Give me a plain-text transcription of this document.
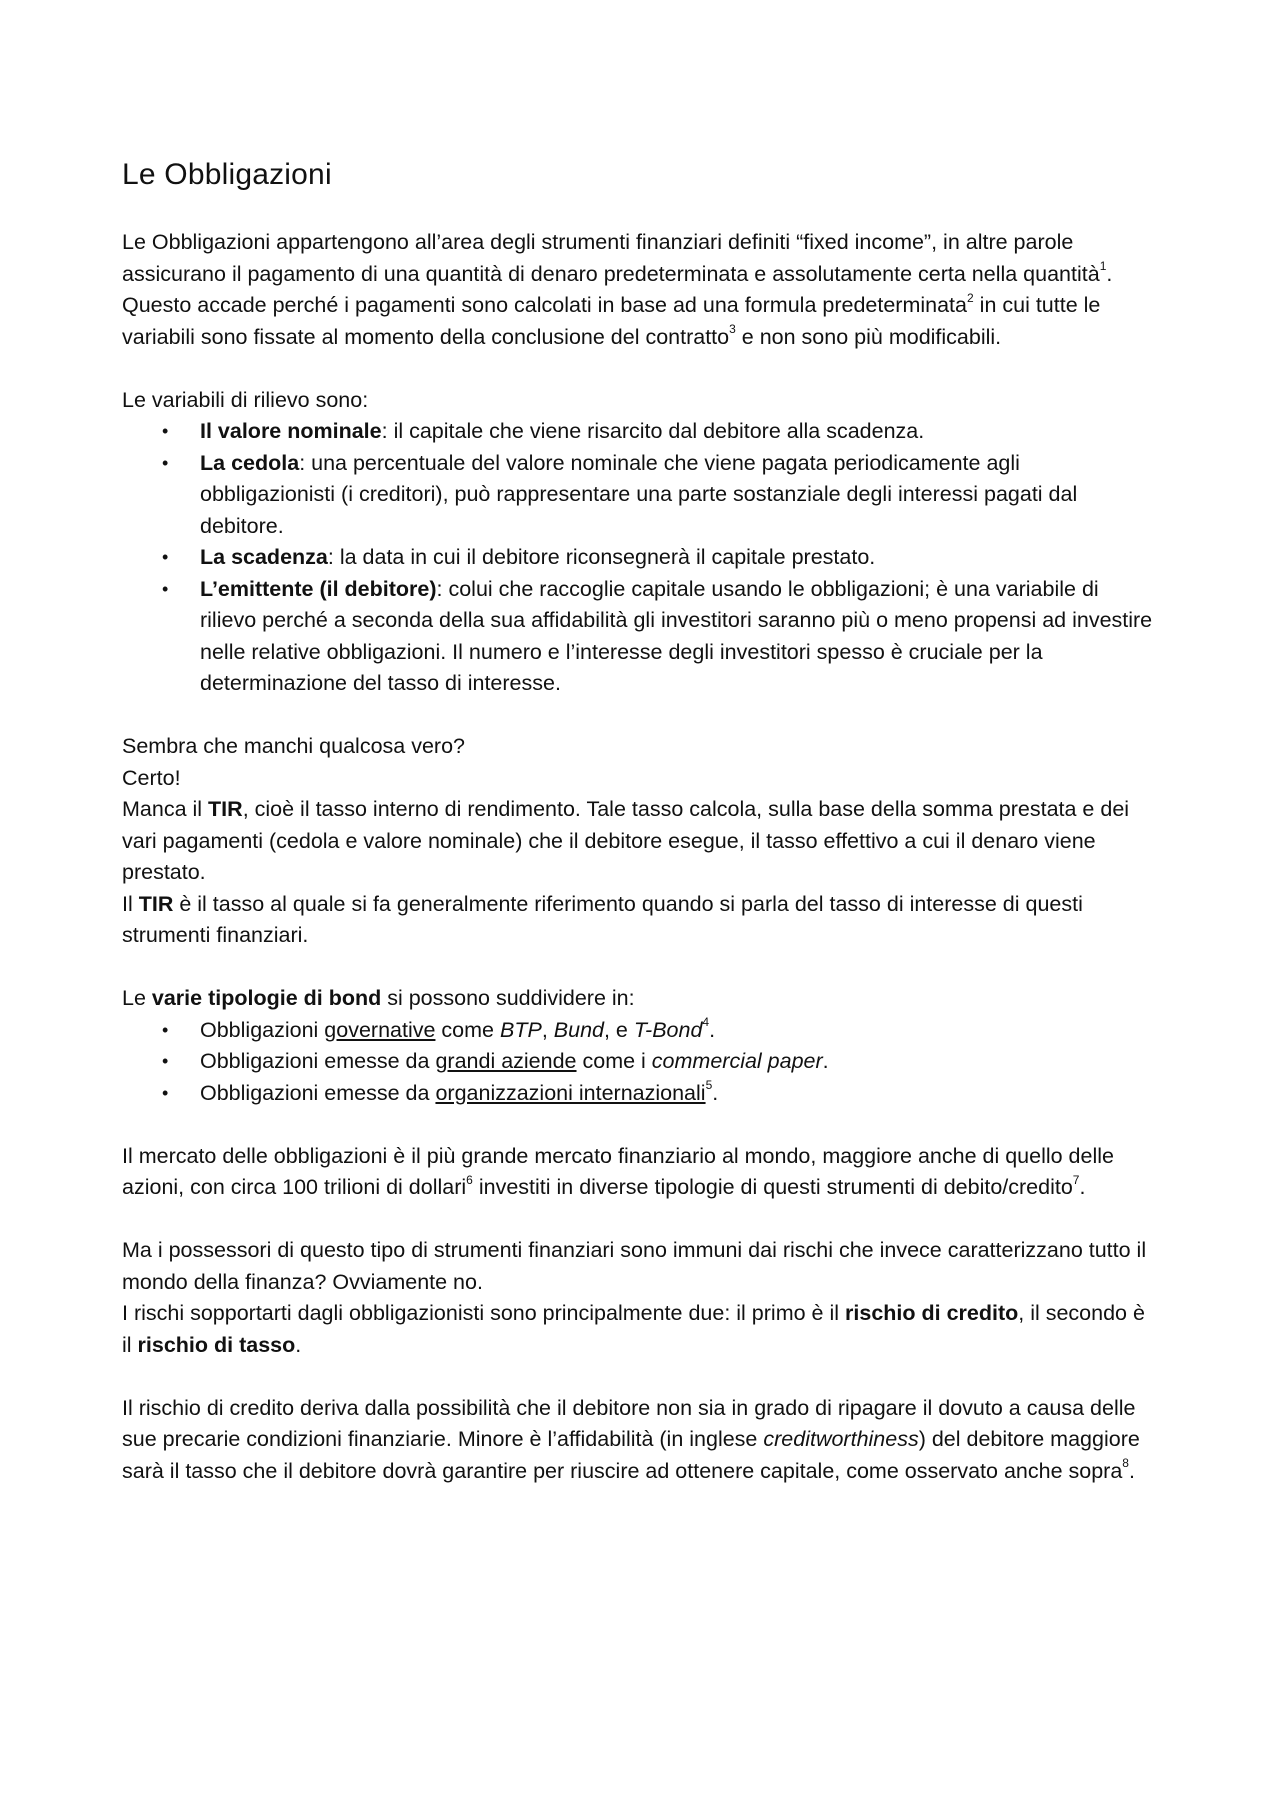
Le Obbligazioni

Le Obbligazioni appartengono all’area degli strumenti finanziari definiti “fixed income”, in altre parole assicurano il pagamento di una quantità di denaro predeterminata e assolutamente certa nella quantità$^1$.

Questo accade perché i pagamenti sono calcolati in base ad una formula predeterminata$^2$ in cui tutte le variabili sono fissate al momento della conclusione del contratto$^3$ e non sono più modificabili.

Le variabili di rilievo sono:

• Il valore nominale: il capitale che viene risarcito dal debitore alla scadenza.
• La cedola: una percentuale del valore nominale che viene pagata periodicamente agli obbligazionisti (i creditori), può rappresentare una parte sostanziale degli interessi pagati dal debitore.
• La scadenza: la data in cui il debitore riconsegnerà il capitale prestato.
• L’emittente (il debitore): colui che raccoglie capitale usando le obbligazioni; è una variabile di rilievo perché a seconda della sua affidabilità gli investitori saranno più o meno propensi ad investire nelle relative obbligazioni. Il numero e l’interesse degli investitori spesso è cruciale per la determinazione del tasso di interesse.

Sembra che manchi qualcosa vero?

Certo!

Manca il TIR, cioè il tasso interno di rendimento. Tale tasso calcola, sulla base della somma prestata e dei vari pagamenti (cedola e valore nominale) che il debitore esegue, il tasso effettivo a cui il denaro viene prestato.

Il TIR è il tasso al quale si fa generalmente riferimento quando si parla del tasso di interesse di questi strumenti finanziari.

Le varie tipologie di bond si possono suddividere in:

• Obbligazioni governative come BTP, Bund, e T-Bond$^4$.
• Obbligazioni emesse da grandi aziende come i commercial paper.
• Obbligazioni emesse da organizzazioni internazionali$^5$.

Il mercato delle obbligazioni è il più grande mercato finanziario al mondo, maggiore anche di quello delle azioni, con circa 100 trilioni di dollari$^6$ investiti in diverse tipologie di questi strumenti di debito/credito$^7$.

Ma i possessori di questo tipo di strumenti finanziari sono immuni dai rischi che invece caratterizzano tutto il mondo della finanza? Ovviamente no.

I rischi sopportarti dagli obbligazionisti sono principalmente due: il primo è il rischio di credito, il secondo è il rischio di tasso.

Il rischio di credito deriva dalla possibilità che il debitore non sia in grado di ripagare il dovuto a causa delle sue precarie condizioni finanziarie. Minore è l’affidabilità (in inglese creditworthiness) del debitore maggiore sarà il tasso che il debitore dovrà garantire per riuscire ad ottenere capitale, come osservato anche sopra$^8$.
